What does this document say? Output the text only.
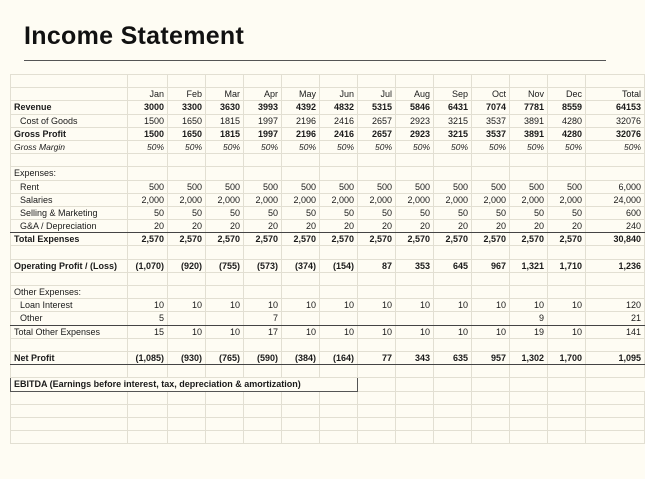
Income Statement

	Jan	Feb	Mar	Apr	May	Jun	Jul	Aug	Sep	Oct	Nov	Dec	Total
Revenue	3000	3300	3630	3993	4392	4832	5315	5846	6431	7074	7781	8559	64153
Cost of Goods	1500	1650	1815	1997	2196	2416	2657	2923	3215	3537	3891	4280	32076
Gross Profit	1500	1650	1815	1997	2196	2416	2657	2923	3215	3537	3891	4280	32076
Gross Margin	50%	50%	50%	50%	50%	50%	50%	50%	50%	50%	50%	50%	50%

Expenses:													
Rent	500	500	500	500	500	500	500	500	500	500	500	500	6,000
Salaries	2,000	2,000	2,000	2,000	2,000	2,000	2,000	2,000	2,000	2,000	2,000	2,000	24,000
Selling & Marketing	50	50	50	50	50	50	50	50	50	50	50	50	600
G&A / Depreciation	20	20	20	20	20	20	20	20	20	20	20	20	240
Total Expenses	2,570	2,570	2,570	2,570	2,570	2,570	2,570	2,570	2,570	2,570	2,570	2,570	30,840

Operating Profit / (Loss)	(1,070)	(920)	(755)	(573)	(374)	(154)	87	353	645	967	1,321	1,710	1,236

Other Expenses:													
Loan Interest	10	10	10	10	10	10	10	10	10	10	10	10	120
Other	5			7							9		21
Total Other Expenses	15	10	10	17	10	10	10	10	10	10	19	10	141

Net Profit	(1,085)	(930)	(765)	(590)	(384)	(164)	77	343	635	957	1,302	1,700	1,095

EBITDA (Earnings before interest, tax, depreciation & amortization)													
